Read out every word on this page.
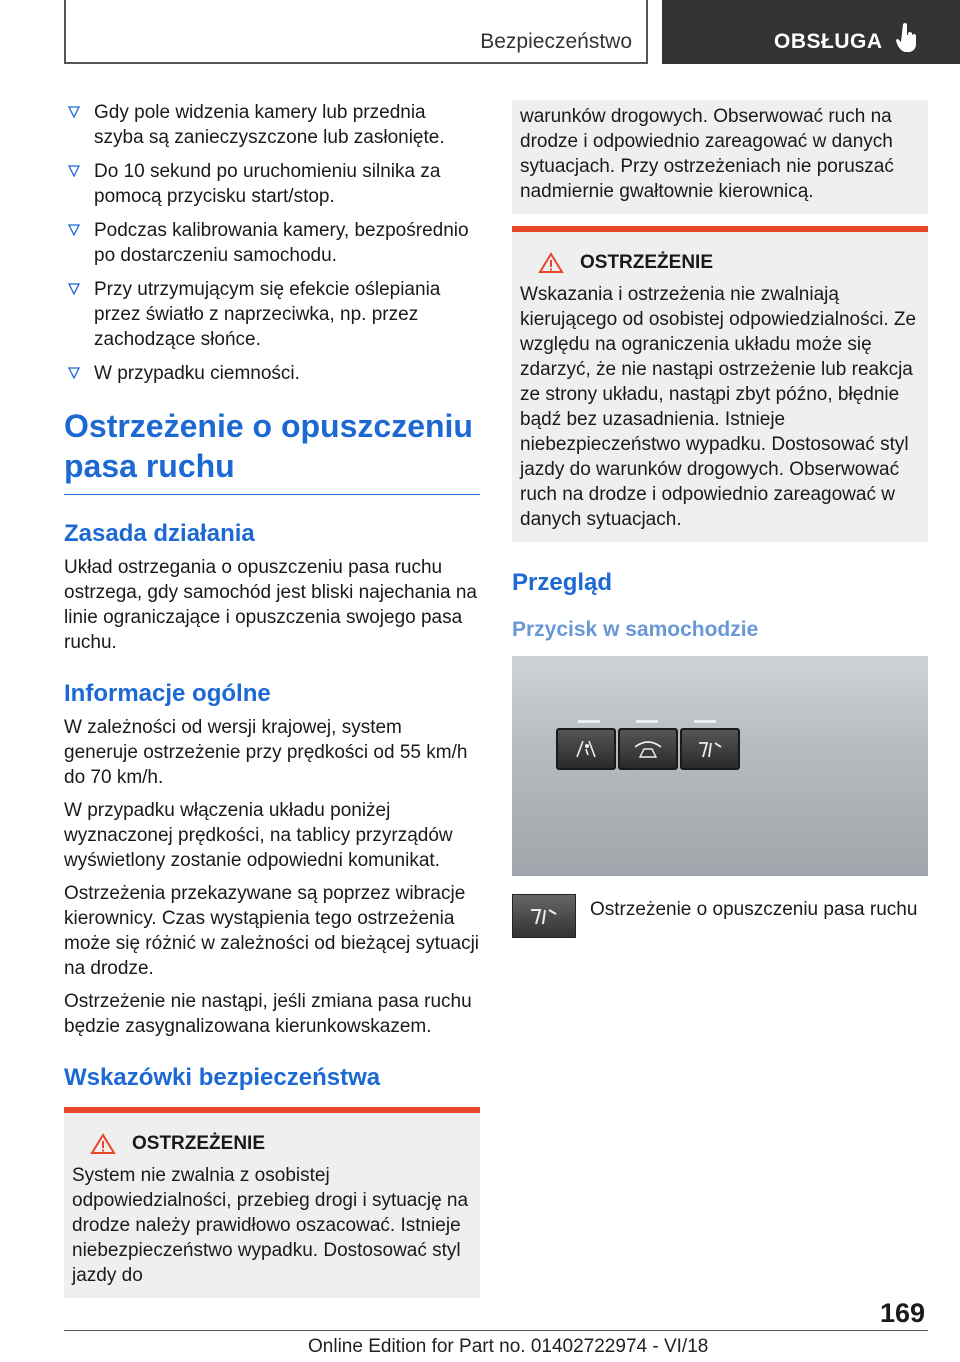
Bezpieczeństwo	OBSŁUGA
Gdy pole widzenia kamery lub przednia szyba są zanieczyszczone lub zasłonięte.
Do 10 sekund po uruchomieniu silnika za pomocą przycisku start/stop.
Podczas kalibrowania kamery, bezpośrednio po dostarczeniu samochodu.
Przy utrzymującym się efekcie oślepiania przez światło z naprzeciwka, np. przez zachodzące słońce.
W przypadku ciemności.
Ostrzeżenie o opuszczeniu pasa ruchu
Zasada działania

Układ ostrzegania o opuszczeniu pasa ruchu ostrzega, gdy samochód jest bliski najechania na linie ograniczające i opuszczenia swojego pasa ruchu.

Informacje ogólne

W zależności od wersji krajowej, system generuje ostrzeżenie przy prędkości od 55 km/h do 70 km/h.

W przypadku włączenia układu poniżej wyznaczonej prędkości, na tablicy przyrządów wyświetlony zostanie odpowiedni komunikat.

Ostrzeżenia przekazywane są poprzez wibracje kierownicy. Czas wystąpienia tego ostrzeżenia może się różnić w zależności od bieżącej sytuacji na drodze.

Ostrzeżenie nie nastąpi, jeśli zmiana pasa ruchu będzie zasygnalizowana kierunkowskazem.

Wskazówki bezpieczeństwa
OSTRZEŻENIE

System nie zwalnia z osobistej odpowiedzialności, przebieg drogi i sytuację na drodze należy prawidłowo oszacować. Istnieje niebezpieczeństwo wypadku. Dostosować styl jazdy do

warunków drogowych. Obserwować ruch na drodze i odpowiednio zareagować w danych sytuacjach. Przy ostrzeżeniach nie poruszać nadmiernie gwałtownie kierownicą.

OSTRZEŻENIE

Wskazania i ostrzeżenia nie zwalniają kierującego od osobistej odpowiedzialności. Ze względu na ograniczenia układu może się zdarzyć, że nie nastąpi ostrzeżenie lub reakcja ze strony układu, nastąpi zbyt późno, błędnie bądź bez uzasadnienia. Istnieje niebezpieczeństwo wypadku. Dostosować styl jazdy do warunków drogowych. Obserwować ruch na drodze i odpowiednio zareagować w danych sytuacjach.

Przegląd
Przycisk w samochodzie
Ostrzeżenie o opuszczeniu pasa ruchu
169
Online Edition for Part no. 01402722974 - VI/18
